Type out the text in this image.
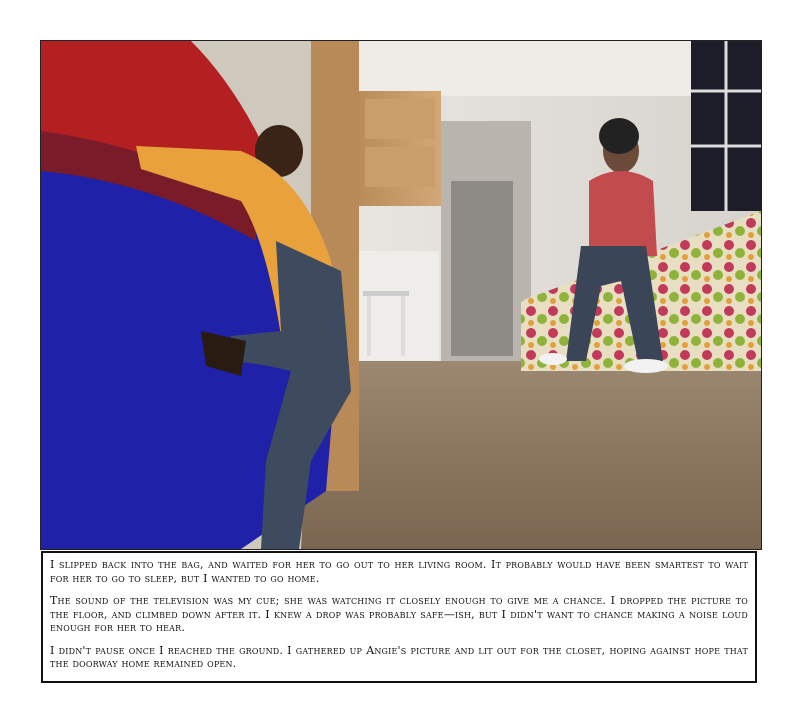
I slipped back into the bag, and waited for her to go out to her living room. It probably would have been smartest to wait for her to go to sleep, but I wanted to go home.

The sound of the television was my cue; she was watching it closely enough to give me a chance. I dropped the picture to the floor, and climbed down after it. I knew a drop was probably safe—ish, but I didn't want to chance making a noise loud enough for her to hear.

I didn't pause once I reached the ground. I gathered up Angie's picture and lit out for the closet, hoping against hope that the doorway home remained open.
